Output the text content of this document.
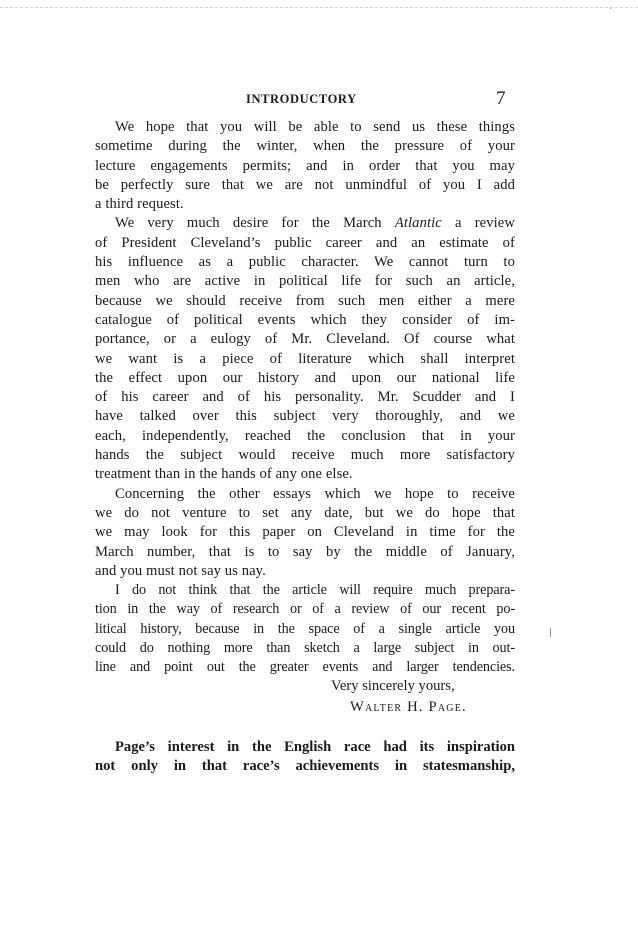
·
INTRODUCTORY	7
We hope that you will be able to send us these things
sometime during the winter, when the pressure of your
lecture engagements permits; and in order that you may
be perfectly sure that we are not unmindful of you I add
a third request.
We very much desire for the March Atlantic a review
of President Cleveland’s public career and an estimate of
his influence as a public character. We cannot turn to
men who are active in political life for such an article,
because we should receive from such men either a mere
catalogue of political events which they consider of im-
portance, or a eulogy of Mr. Cleveland. Of course what
we want is a piece of literature which shall interpret
the effect upon our history and upon our national life
of his career and of his personality. Mr. Scudder and I
have talked over this subject very thoroughly, and we
each, independently, reached the conclusion that in your
hands the subject would receive much more satisfactory
treatment than in the hands of any one else.
Concerning the other essays which we hope to receive
we do not venture to set any date, but we do hope that
we may look for this paper on Cleveland in time for the
March number, that is to say by the middle of January,
and you must not say us nay.
I do not think that the article will require much prepara-
tion in the way of research or of a review of our recent po-
litical history, because in the space of a single article you
could do nothing more than sketch a large subject in out-
line and point out the greater events and larger tendencies.
Very sincerely yours,
Walter H. Page.
Page’s interest in the English race had its inspiration
not only in that race’s achievements in statesmanship,
